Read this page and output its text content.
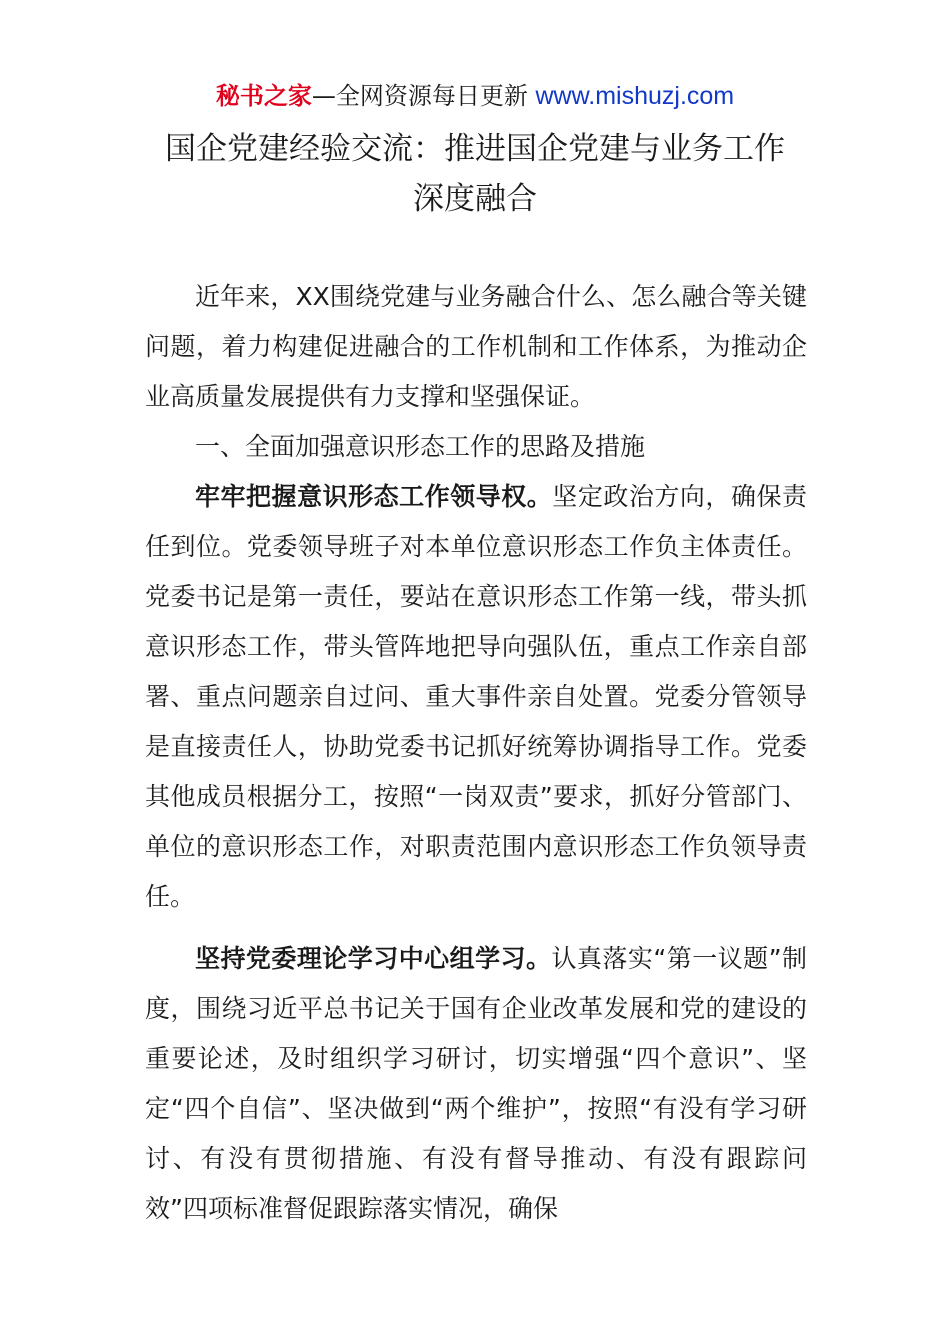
秘书之家—全网资源每日更新 www.mishuzj.com
国企党建经验交流：推进国企党建与业务工作
深度融合

近年来，XX围绕党建与业务融合什么、怎么融合等关键问题，着力构建促进融合的工作机制和工作体系，为推动企业高质量发展提供有力支撑和坚强保证。

一、全面加强意识形态工作的思路及措施

牢牢把握意识形态工作领导权。坚定政治方向，确保责任到位。党委领导班子对本单位意识形态工作负主体责任。党委书记是第一责任，要站在意识形态工作第一线，带头抓意识形态工作，带头管阵地把导向强队伍，重点工作亲自部署、重点问题亲自过问、重大事件亲自处置。党委分管领导是直接责任人，协助党委书记抓好统筹协调指导工作。党委其他成员根据分工，按照“一岗双责”要求，抓好分管部门、单位的意识形态工作，对职责范围内意识形态工作负领导责任。

坚持党委理论学习中心组学习。认真落实“第一议题”制度，围绕习近平总书记关于国有企业改革发展和党的建设的重要论述，及时组织学习研讨，切实增强“四个意识”、坚定“四个自信”、坚决做到“两个维护”，按照“有没有学习研讨、有没有贯彻措施、有没有督导推动、有没有跟踪问效”四项标准督促跟踪落实情况，确保
